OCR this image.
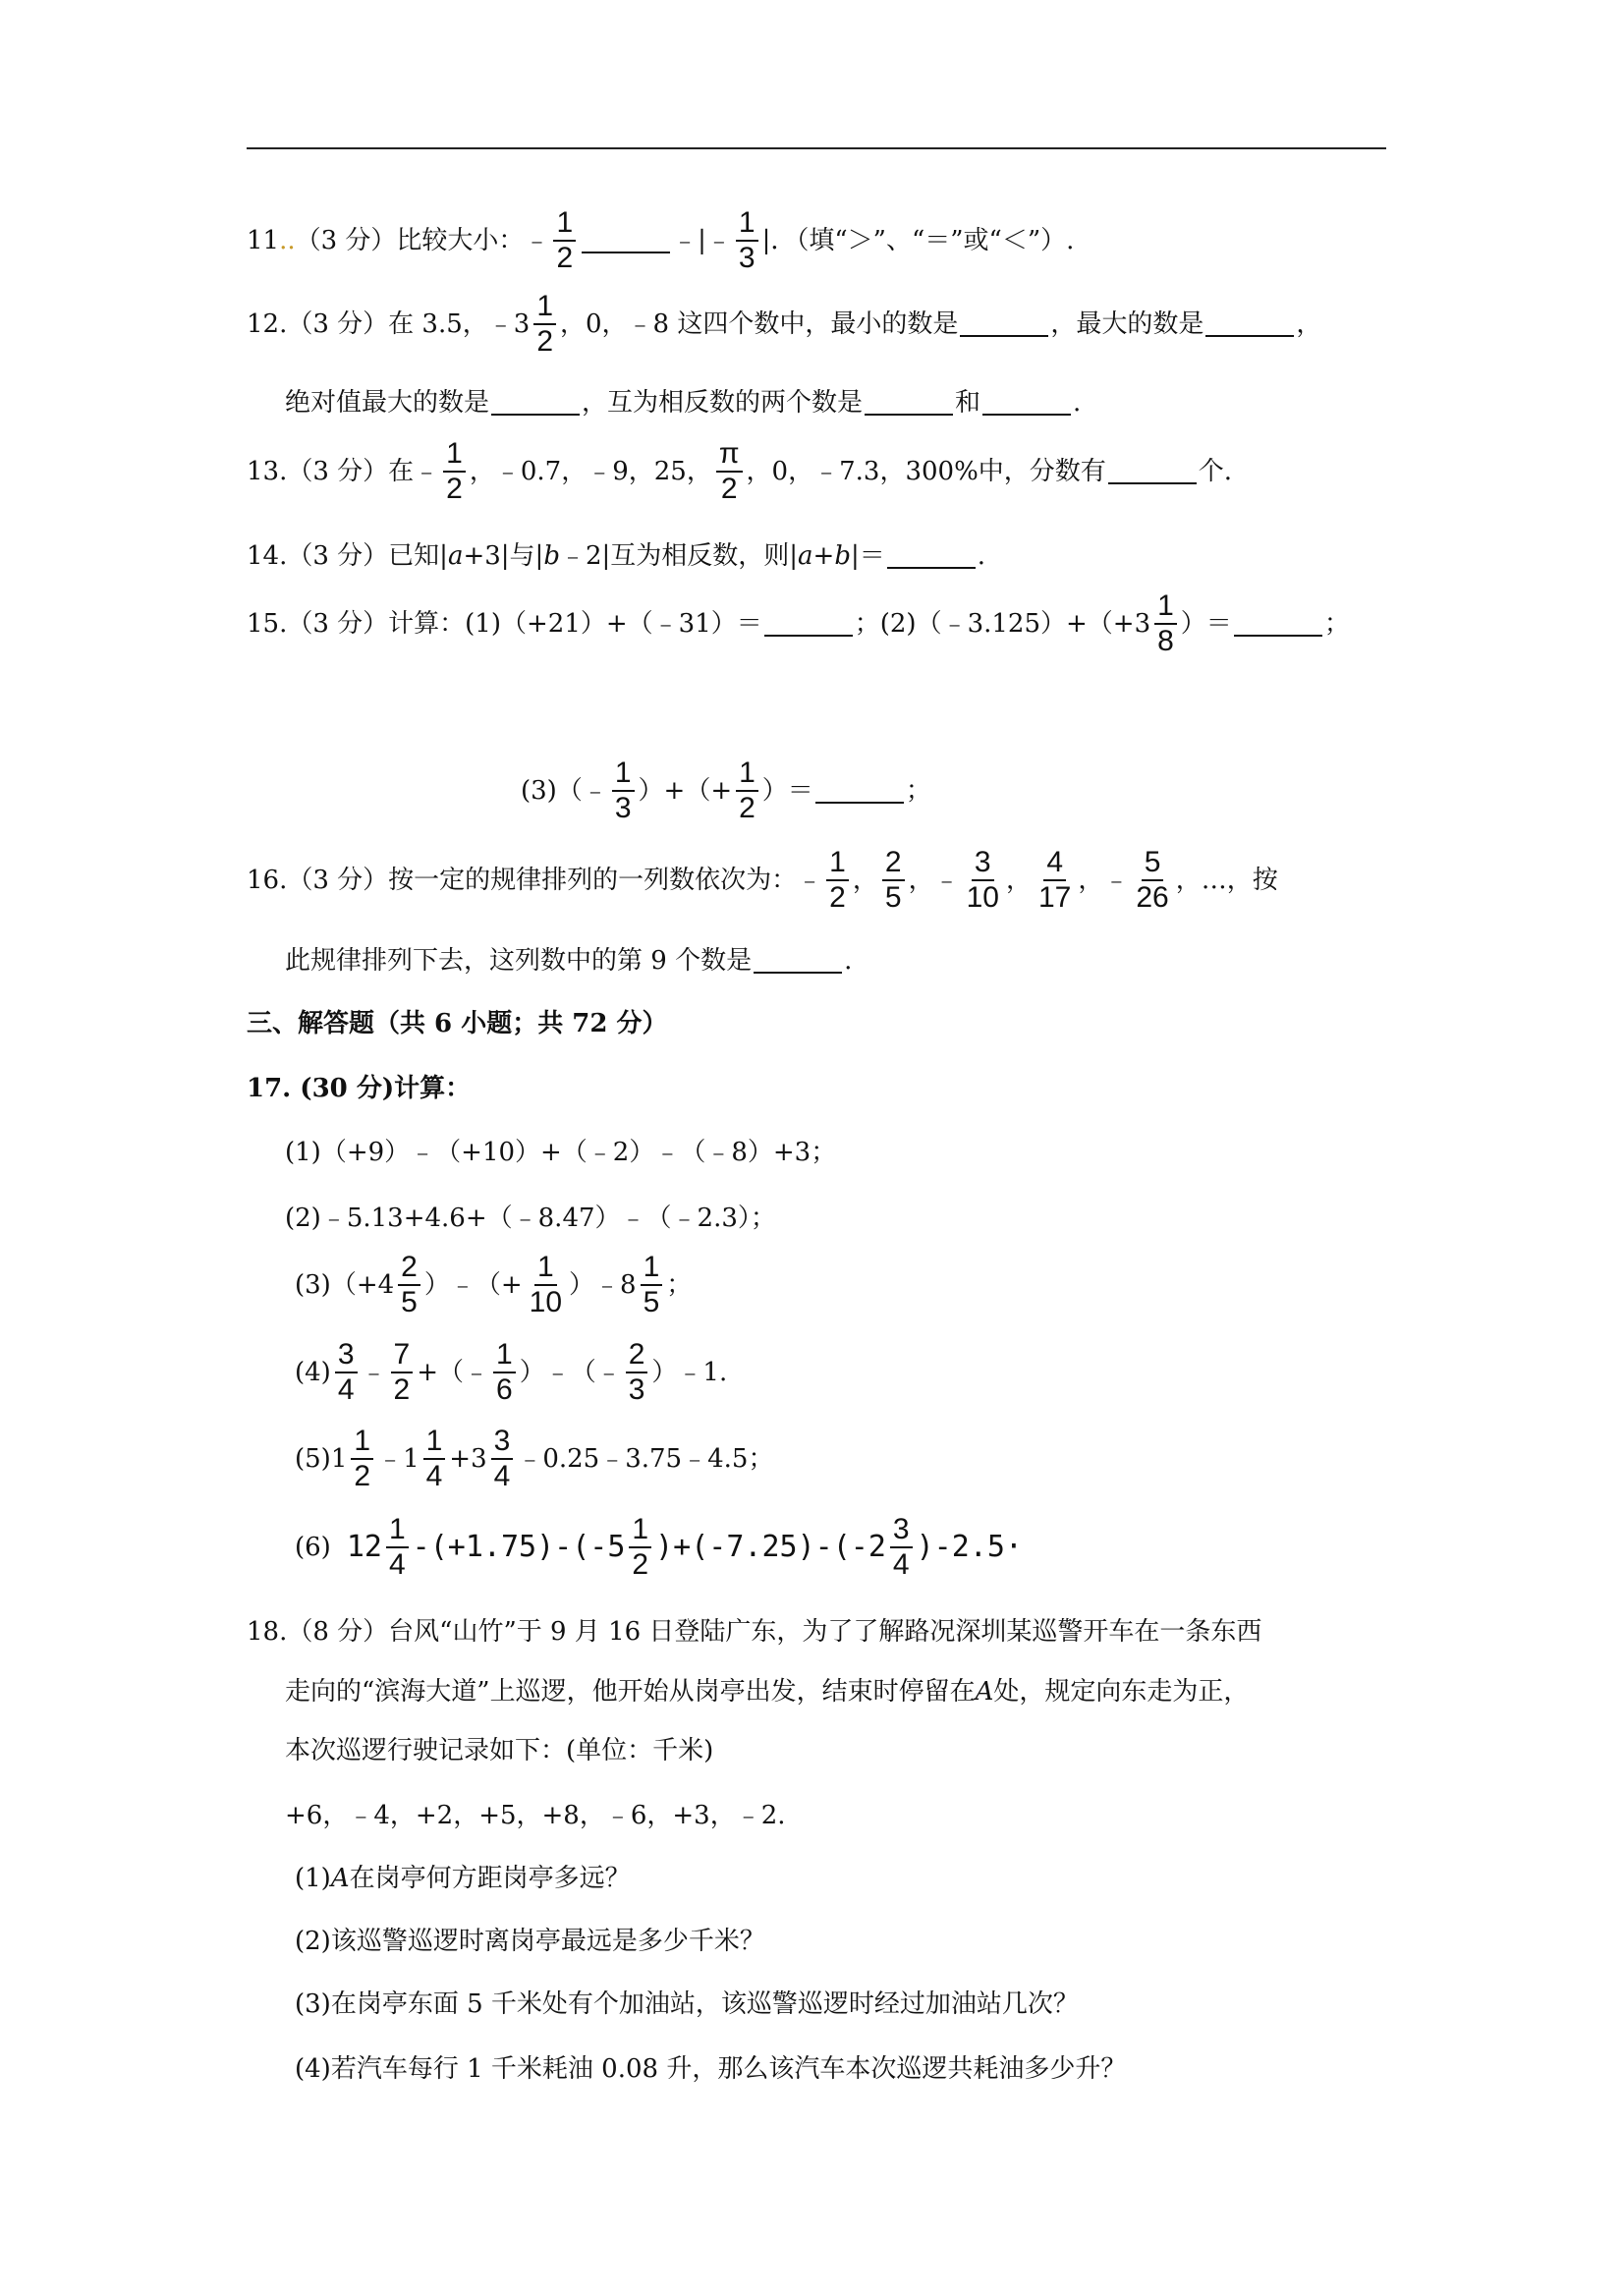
11 .. （3 分）比较大小： ﹣ $\frac{1}{2}$	﹣|﹣ $\frac{1}{3}$ |．（填“＞”、“＝”或“＜”）.
12. （3 分）在 3.5，﹣3 $\frac{1}{2}$ ，0，﹣8 这四个数中，最小的数是	，最大的数是	，
绝对值最大的数是	，互为相反数的两个数是	和	.
13. （3 分）在﹣ $\frac{1}{2}$ ，﹣0.7，﹣9，25， $\frac{\pi}{2}$ ，0，﹣7.3，300%中，分数有	个.
14. （3 分）已知| a +3|与| b ﹣2|互为相反数，则| a + b |＝	.
15. （3 分）计算：(1)（+21）+（﹣31）＝	；(2)（﹣3.125）+（+3 $\frac{1}{8}$ ）＝	；
(3)（﹣ $\frac{1}{3}$ ）+（+ $\frac{1}{2}$ ）＝	；
16. （3 分）按一定的规律排列的一列数依次为：﹣ $\frac{1}{2}$ ， $\frac{2}{5}$ ，﹣ $\frac{3}{10}$ ， $\frac{4}{17}$ ，﹣ $\frac{5}{26}$ ，…，按
此规律排列下去，这列数中的第 9 个数是	.
三、解答题（共 6 小题；共 72 分）
17. (30 分)计算：
(1)（+9）﹣（+10）+（﹣2）﹣（﹣8）+3；
(2)﹣5.13+4.6+（﹣8.47）﹣（﹣2.3）；
$(3)(+4 \frac{2}{5}$ ）﹣（+ $\frac{1}{10}$ ）﹣8 $\frac{1}{5}$ ；
$(4) \frac{3}{4}$ ﹣ $\frac{7}{2}$ +（﹣ $\frac{1}{6}$ ）﹣（﹣ $\frac{2}{3}$ ）﹣1.
$(5)1 \frac{1}{2}$ ﹣1 $\frac{1}{4} +3 \frac{3}{4}$ ﹣0.25﹣3.75﹣4.5；
(6) $12 \frac{1}{4} -(+1.75)-(-5 \frac{1}{2} )+(-7.25)-(-2 \frac{3}{4} )-2.5\cdot$
18.（8 分）台风“山竹”于 9 月 16 日登陆广东，为了了解路况深圳某巡警开车在一条东西
走向的“滨海大道”上巡逻，他开始从岗亭出发，结束时停留在 A 处，规定向东走为正，
本次巡逻行驶记录如下：(单位：千米)
+6，﹣4，+2，+5，+8，﹣6，+3，﹣2.
(1) A 在岗亭何方距岗亭多远？
(2)该巡警巡逻时离岗亭最远是多少千米？
(3)在岗亭东面 5 千米处有个加油站，该巡警巡逻时经过加油站几次？
(4)若汽车每行 1 千米耗油 0.08 升，那么该汽车本次巡逻共耗油多少升？
